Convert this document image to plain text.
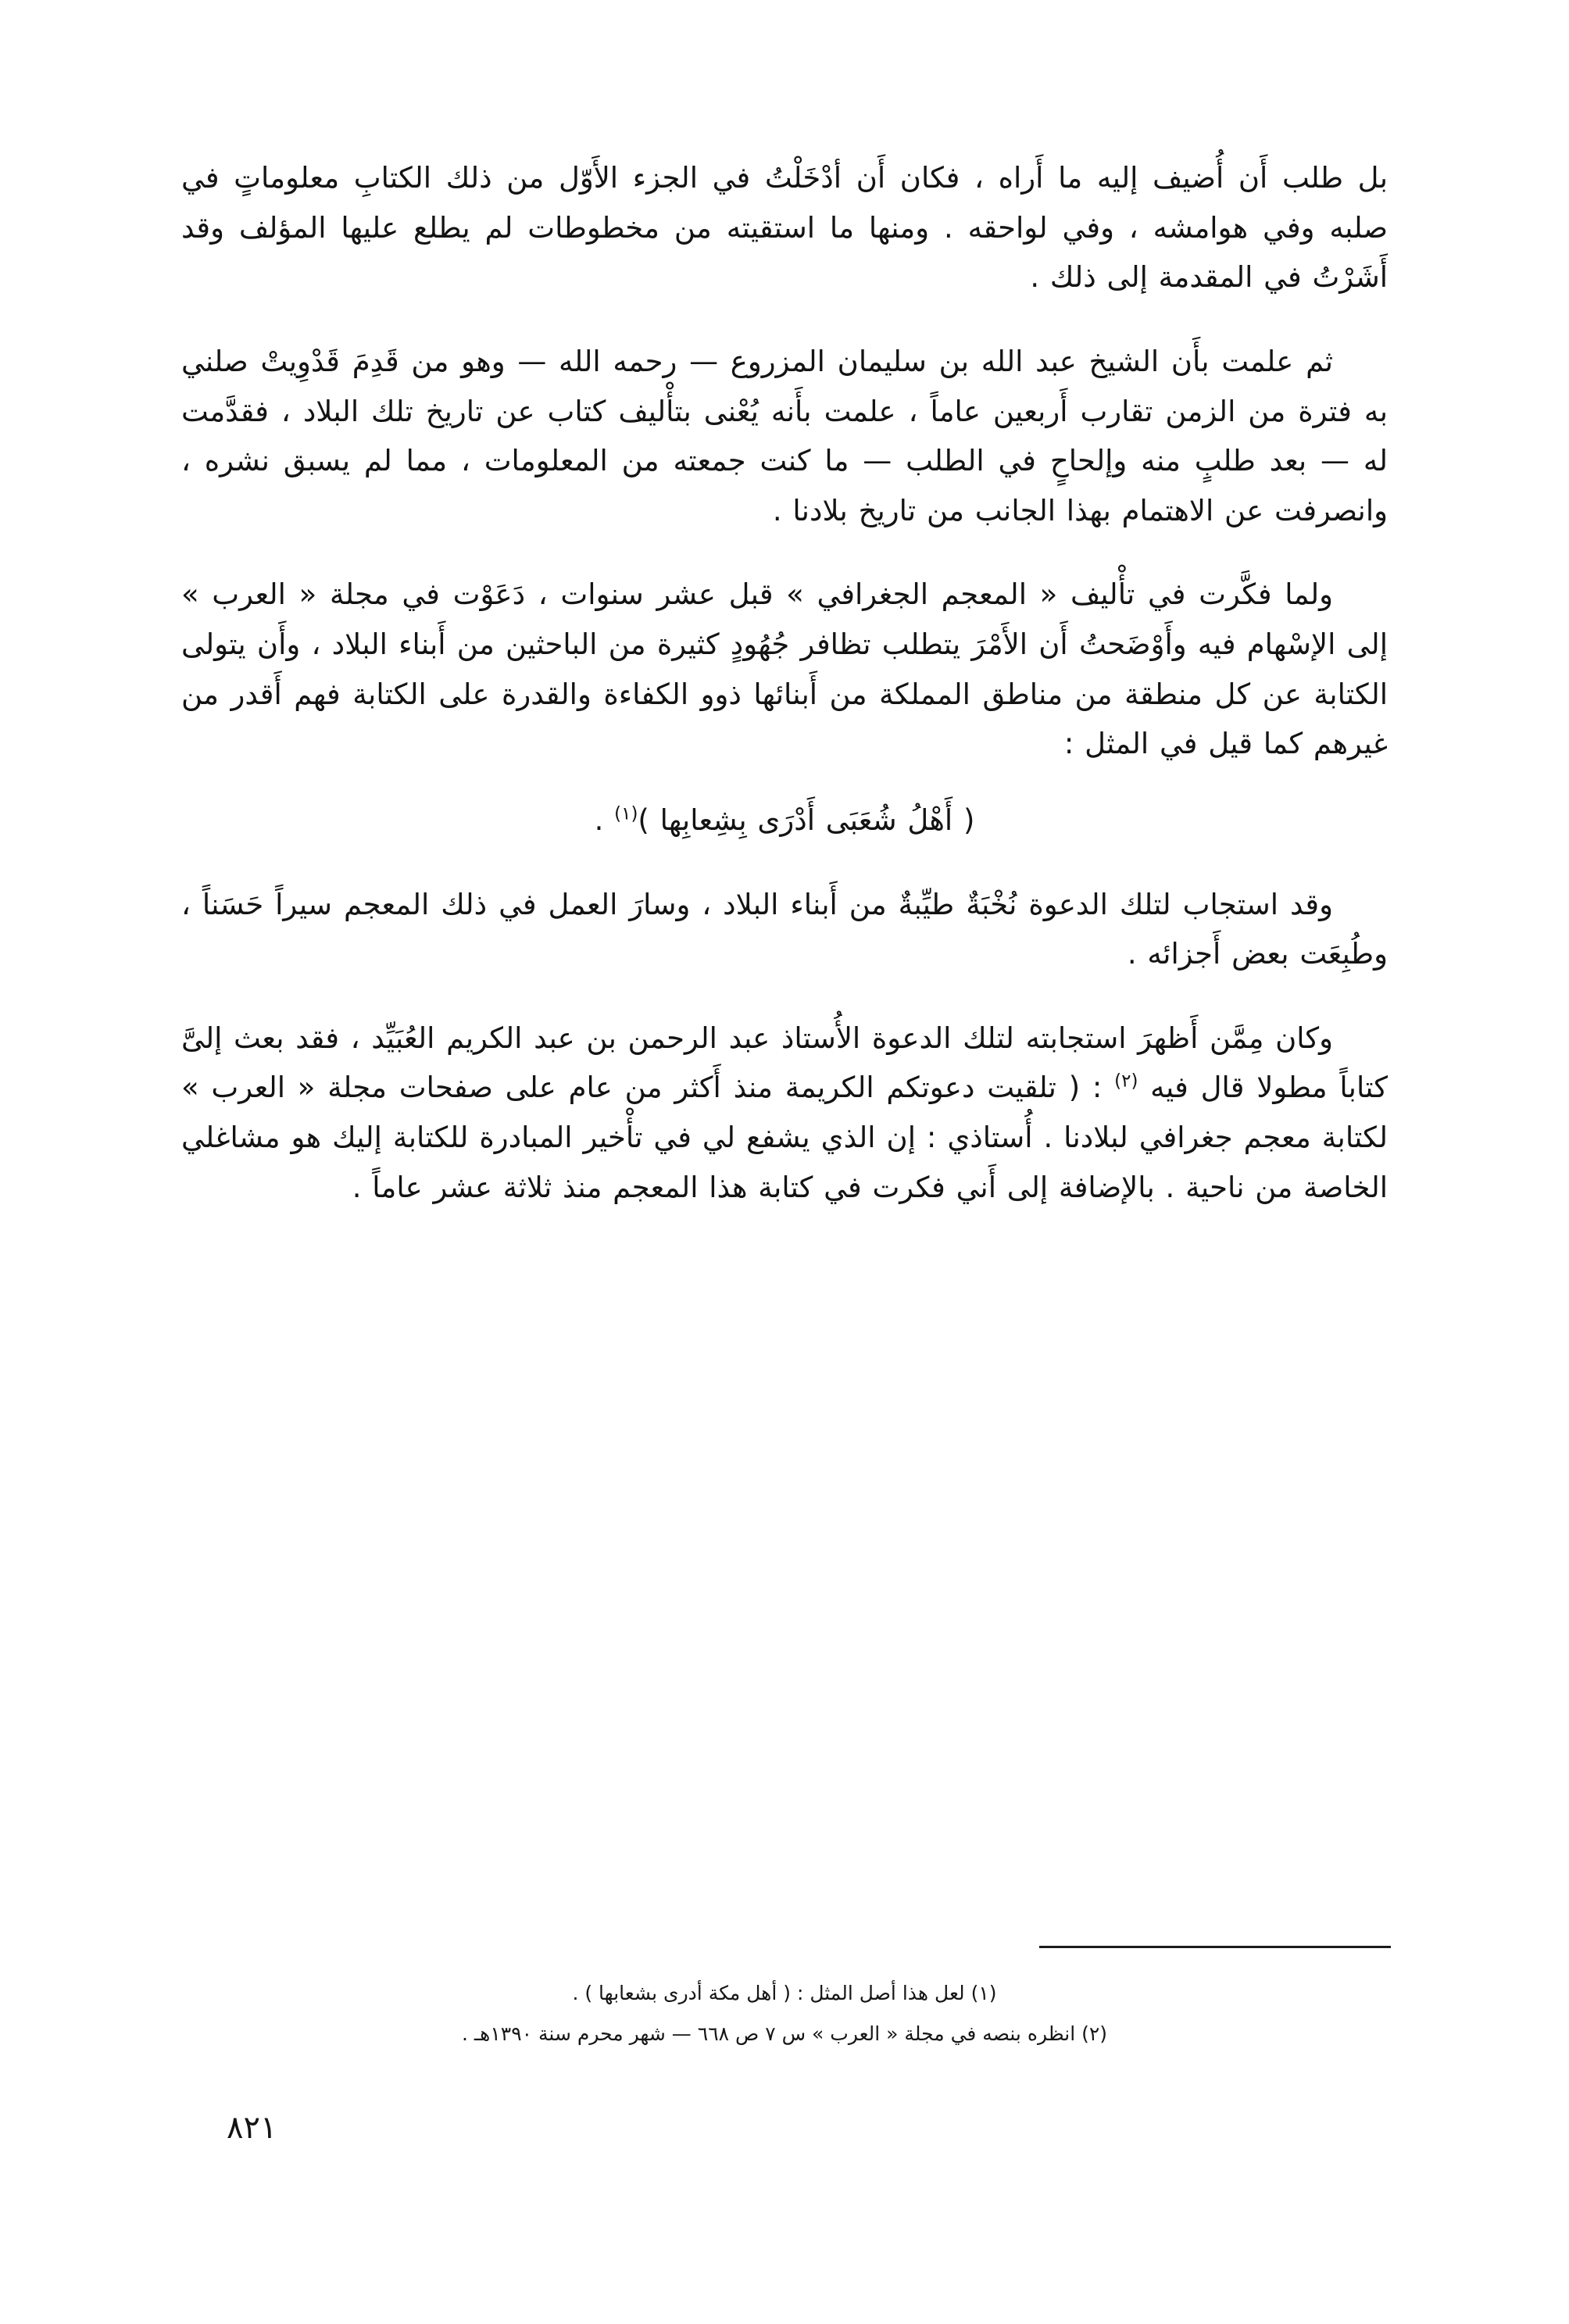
بل طلب أَن أُضيف إليه ما أَراه ، فكان أَن أدْخَلْتُ في الجزء الأَوّل من ذلك الكتابِ معلوماتٍ في صلبه وفي هوامشه ، وفي لواحقه . ومنها ما استقيته من مخطوطات لم يطلع عليها المؤلف وقد أَشَرْتُ في المقدمة إلى ذلك .

ثم علمت بأَن الشيخ عبد الله بن سليمان المزروع — رحمه الله — وهو من قَدِمَ قَدْوِيتْ صلني به فترة من الزمن تقارب أَربعين عاماً ، علمت بأَنه يُعْنى بتأْليف كتاب عن تاريخ تلك البلاد ، فقدَّمت له — بعد طلبٍ منه وإلحاحٍ في الطلب — ما كنت جمعته من المعلومات ، مما لم يسبق نشره ، وانصرفت عن الاهتمام بهذا الجانب من تاريخ بلادنا .

ولما فكَّرت في تأْليف « المعجم الجغرافي » قبل عشر سنوات ، دَعَوْت في مجلة « العرب » إلى الإسْهام فيه وأَوْضَحتُ أَن الأَمْرَ يتطلب تظافر جُهُودٍ كثيرة من الباحثين من أَبناء البلاد ، وأَن يتولى الكتابة عن كل منطقة من مناطق المملكة من أَبنائها ذوو الكفاءة والقدرة على الكتابة فهم أَقدر من غيرهم كما قيل في المثل :

( أَهْلُ شُعَبَى أَدْرَى بِشِعابِها )$^{(١)}$ .

وقد استجاب لتلك الدعوة نُخْبَةٌ طيِّبةٌ من أَبناء البلاد ، وسارَ العمل في ذلك المعجم سيراً حَسَناً ، وطُبِعَت بعض أَجزائه .

وكان مِمَّن أَظهرَ استجابته لتلك الدعوة الأُستاذ عبد الرحمن بن عبد الكريم العُبَيِّد ، فقد بعث إلىَّ كتاباً مطولا قال فيه $^{(٢)}$ : ( تلقيت دعوتكم الكريمة منذ أَكثر من عام على صفحات مجلة « العرب » لكتابة معجم جغرافي لبلادنا . أُستاذي : إن الذي يشفع لي في تأْخير المبادرة للكتابة إليك هو مشاغلي الخاصة من ناحية . بالإضافة إلى أَني فكرت في كتابة هذا المعجم منذ ثلاثة عشر عاماً .

(١) لعل هذا أصل المثل : ( أهل مكة أدرى بشعابها ) .

(٢) انظره بنصه في مجلة « العرب » س ٧ ص ٦٦٨ — شهر محرم سنة ١٣٩٠هـ .

٨٢١
